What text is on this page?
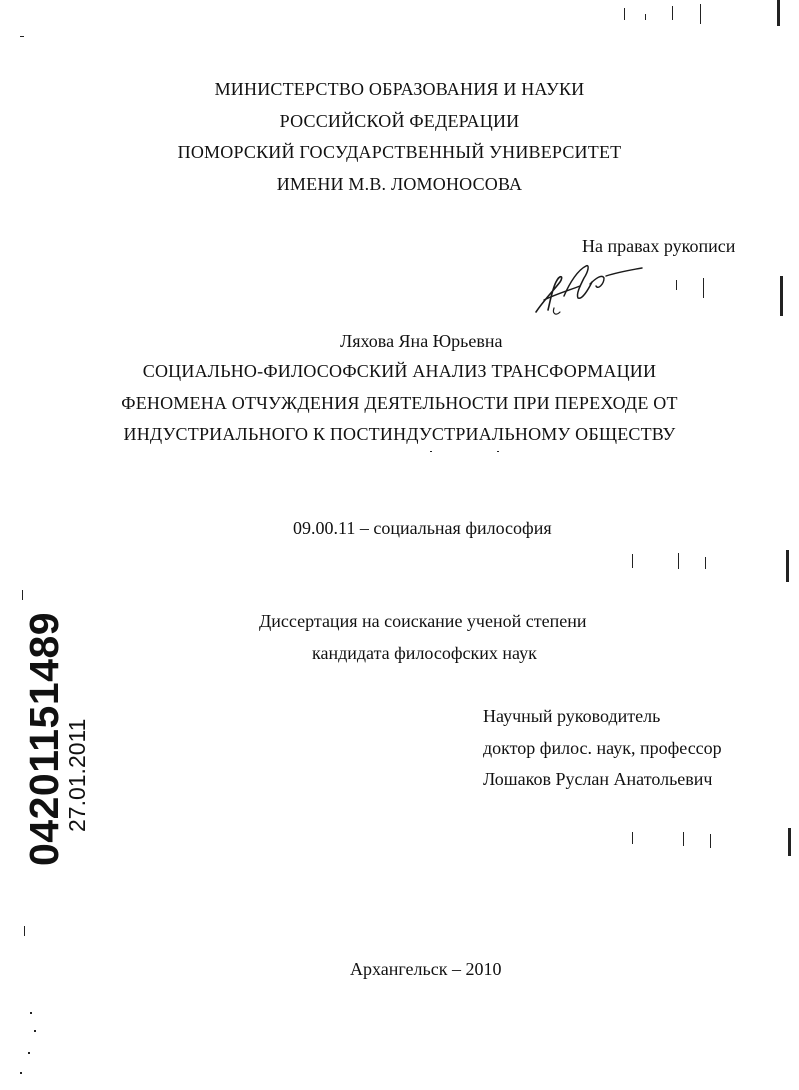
МИНИСТЕРСТВО ОБРАЗОВАНИЯ И НАУКИ
РОССИЙСКОЙ ФЕДЕРАЦИИ
ПОМОРСКИЙ ГОСУДАРСТВЕННЫЙ УНИВЕРСИТЕТ
ИМЕНИ М.В. ЛОМОНОСОВА
На правах рукописи
Ляхова Яна Юрьевна
СОЦИАЛЬНО-ФИЛОСОФСКИЙ АНАЛИЗ ТРАНСФОРМАЦИИ
ФЕНОМЕНА ОТЧУЖДЕНИЯ ДЕЯТЕЛЬНОСТИ ПРИ ПЕРЕХОДЕ ОТ
ИНДУСТРИАЛЬНОГО К ПОСТИНДУСТРИАЛЬНОМУ ОБЩЕСТВУ
09.00.11 – социальная философия
Диссертация на соискание ученой степени
кандидата философских наук
Научный руководитель
доктор филос. наук, профессор
Лошаков Руслан Анатольевич
Архангельск – 2010
04201151489
27.01.2011
